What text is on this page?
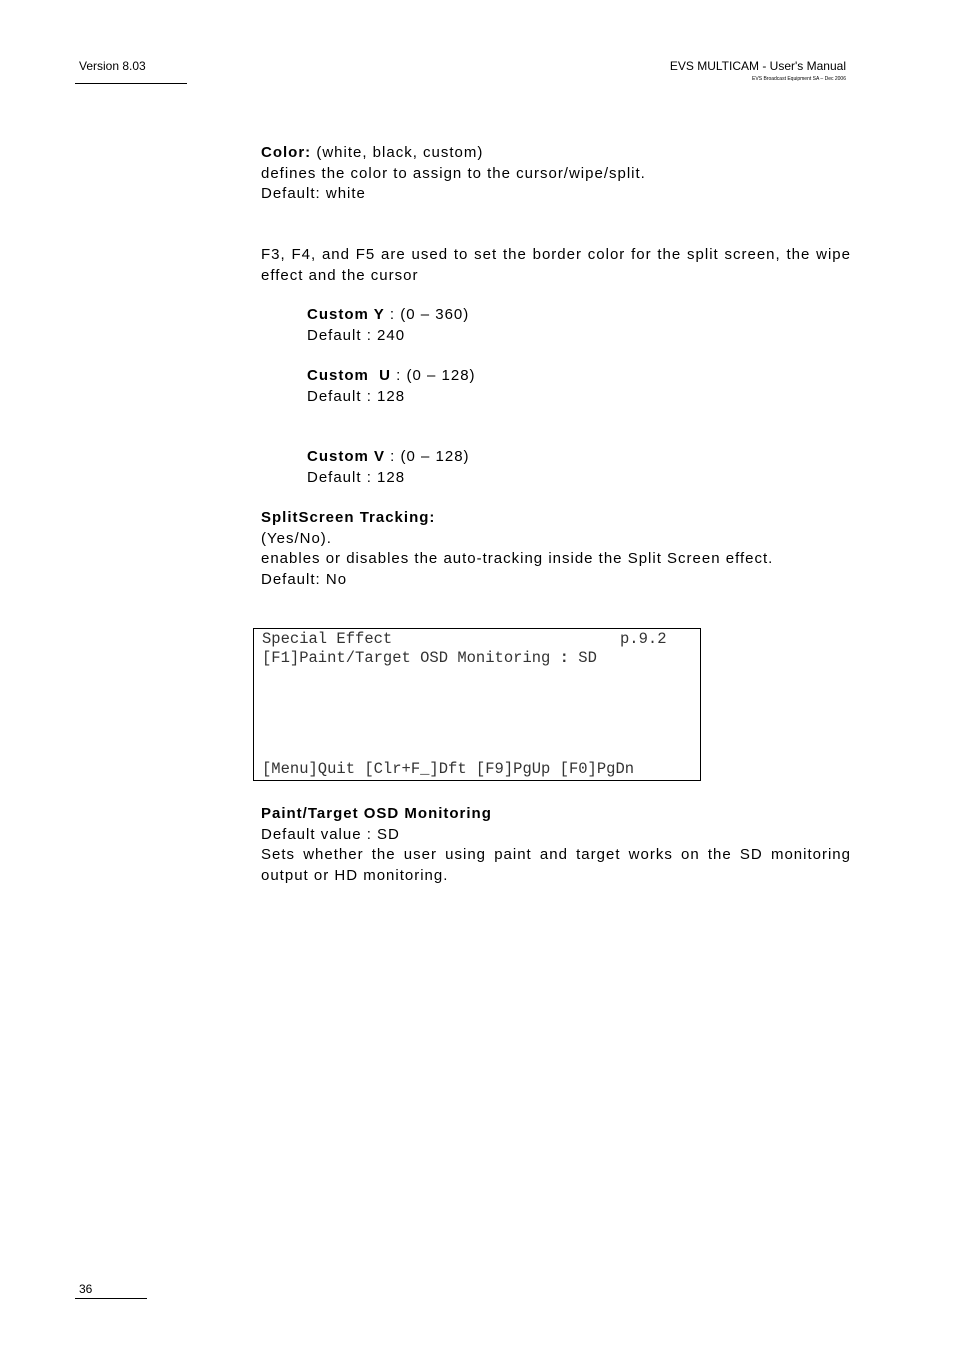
Version 8.03	EVS MULTICAM - User's Manual
EVS Broadcast Equipment SA – Dec 2006
Color: (white, black, custom)
defines the color to assign to the cursor/wipe/split.
Default: white
F3, F4, and F5 are used to set the border color for the split screen, the wipe effect and the cursor
Custom Y : (0 – 360)
Default : 240
Custom  U : (0 – 128)
Default : 128
Custom V : (0 – 128)
Default : 128
SplitScreen Tracking:
(Yes/No).
enables or disables the auto-tracking inside the Split Screen effect.
Default: No
Special Effect	p.9.2
[F1]Paint/Target OSD Monitoring : SD
[Menu]Quit [Clr+F_]Dft [F9]PgUp [F0]PgDn
Paint/Target OSD Monitoring
Default value : SD
Sets whether the user using paint and target works on the SD monitoring output or HD monitoring.
36
